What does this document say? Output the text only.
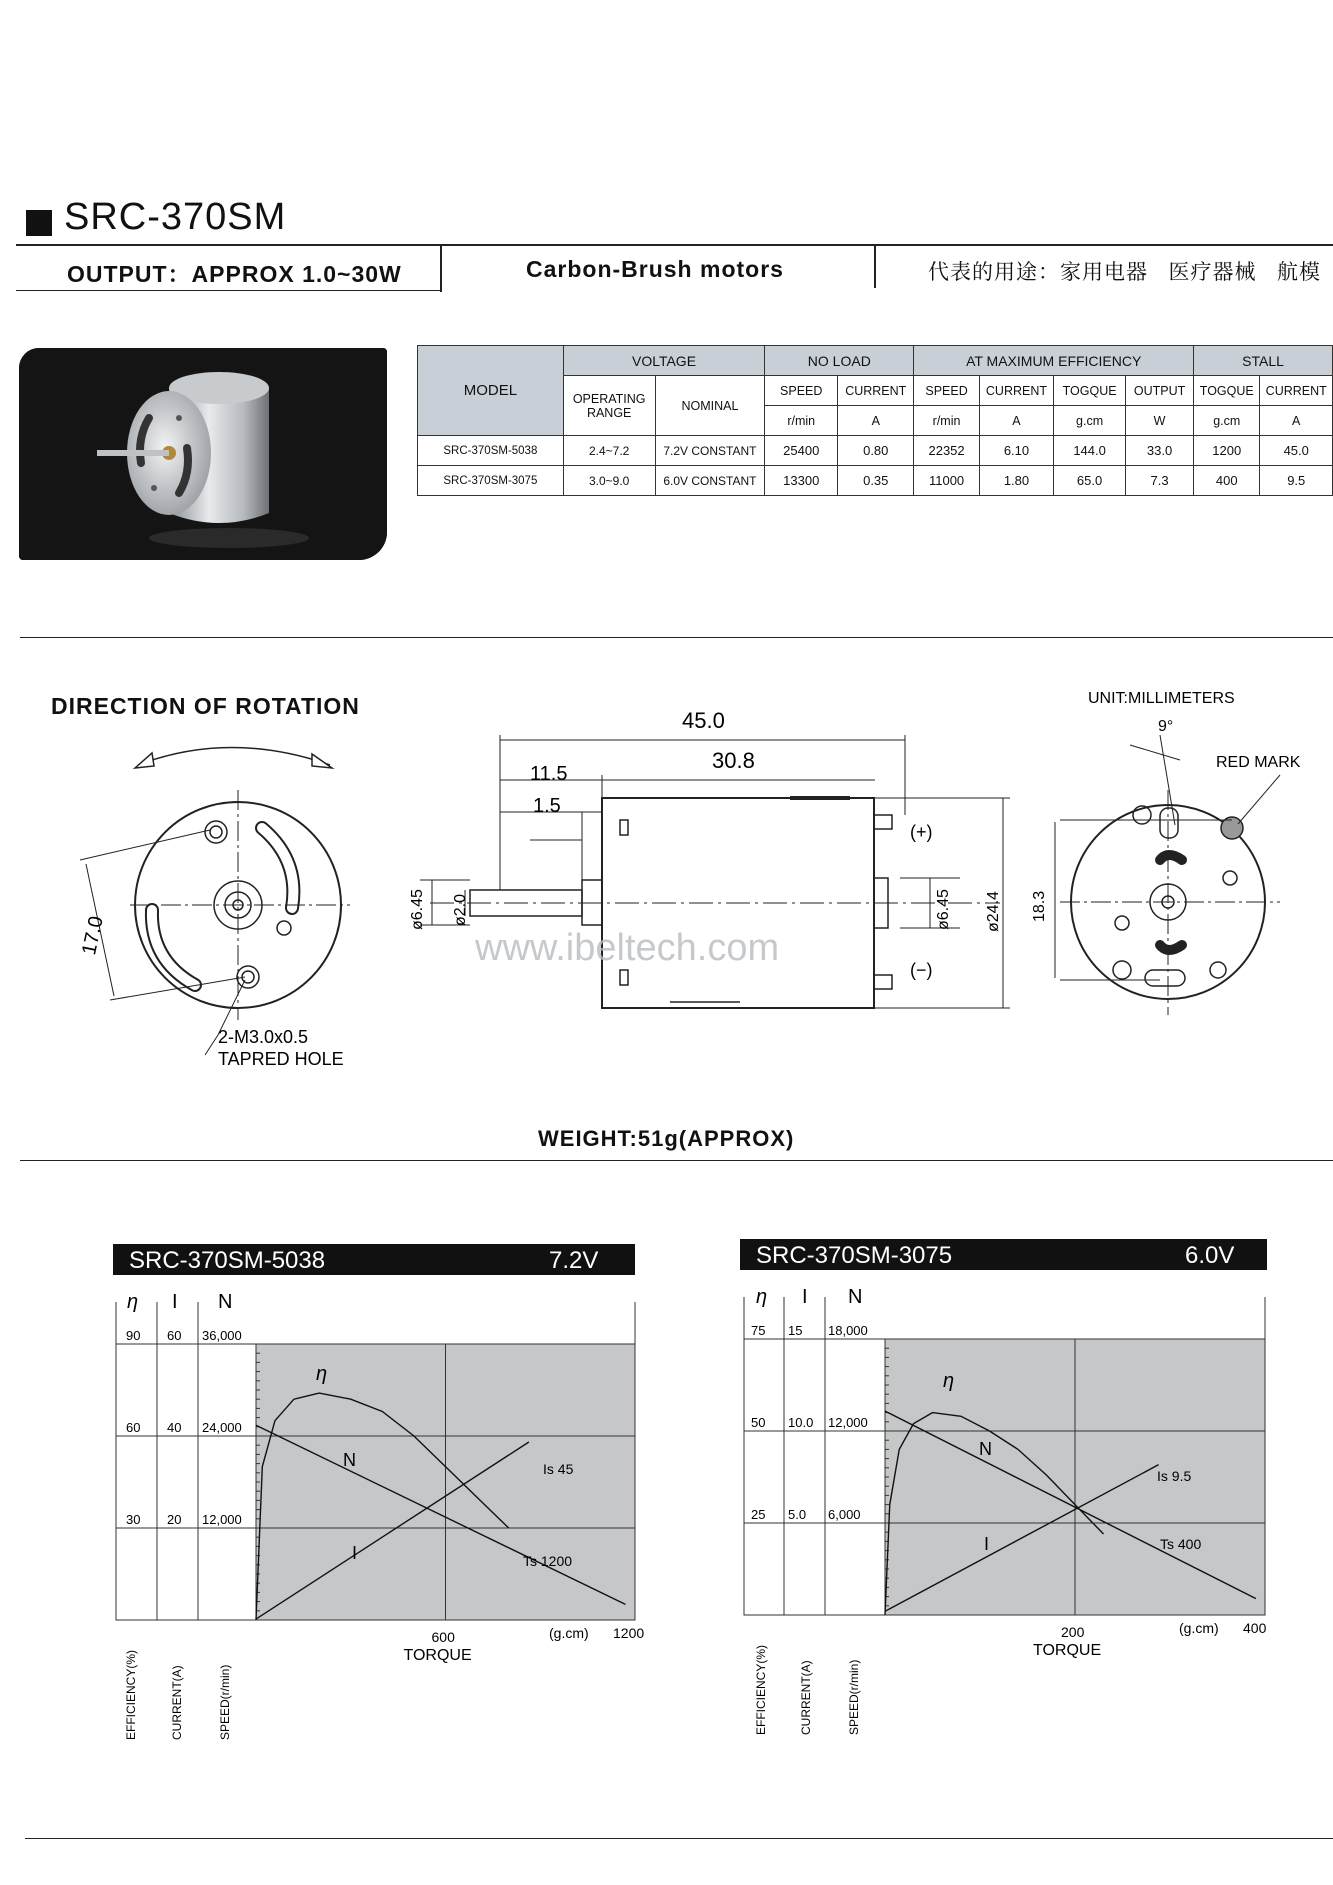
SRC-370SM
OUTPUT：APPROX 1.0~30W	Carbon-Brush motors	代表的用途：家用电器   医疗器械   航模
MODEL	VOLTAGE		NO LOAD		AT MAXIMUM EFFICIENCY				STALL	
	OPERATING RANGE	NOMINAL	SPEED	CURRENT	SPEED	CURRENT	TOGQUE	OUTPUT	TOGQUE	CURRENT
			r/min	A	r/min	A	g.cm	W	g.cm	A
SRC-370SM-5038	2.4~7.2	7.2V CONSTANT	25400	0.80	22352	6.10	144.0	33.0	1200	45.0
SRC-370SM-3075	3.0~9.0	6.0V CONSTANT	13300	0.35	11000	1.80	65.0	7.3	400	9.5
DIRECTION OF ROTATION
17.0
2-M3.0x0.5
TAPRED HOLE
45.0
30.8
11.5
1.5
ø6.45 ø2.0	ø6.45 ø24.4
(+)
(−)
www.ibeltech.com
UNIT:MILLIMETERS
9°
RED MARK
18.3
WEIGHT:51g(APPROX)
SRC-370SM-5038	7.2V	SRC-370SM-3075	6.0V
η I N
90 60 36,000
60 40 24,000
30 20 12,000
η
N
I
Is 45
Ts 1200
600	1200
(g.cm)
TORQUE
EFFICIENCY(%)	CURRENT(A)	SPEED(r/min)
η I N
75 15 18,000
50 10.0 12,000
25 5.0 6,000
η
N
I
Is 9.5
Ts 400
200	400
(g.cm)
TORQUE
EFFICIENCY(%)	CURRENT(A)	SPEED(r/min)
